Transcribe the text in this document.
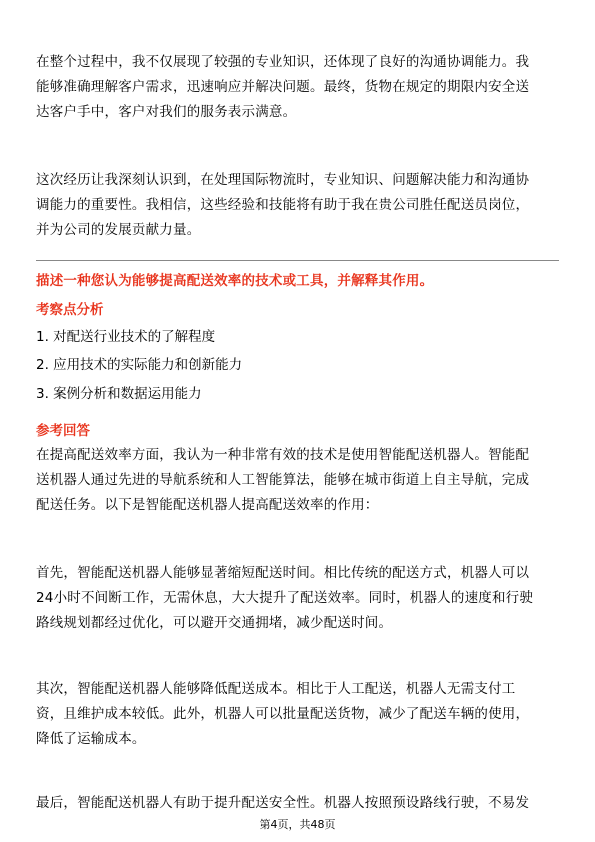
在整个过程中，我不仅展现了较强的专业知识，还体现了良好的沟通协调能力。我
能够准确理解客户需求，迅速响应并解决问题。最终，货物在规定的期限内安全送
达客户手中，客户对我们的服务表示满意。

这次经历让我深刻认识到，在处理国际物流时，专业知识、问题解决能力和沟通协
调能力的重要性。我相信，这些经验和技能将有助于我在贵公司胜任配送员岗位，
并为公司的发展贡献力量。

描述一种您认为能够提高配送效率的技术或工具，并解释其作用。
考察点分析
1. 对配送行业技术的了解程度
2. 应用技术的实际能力和创新能力
3. 案例分析和数据运用能力
参考回答

在提高配送效率方面，我认为一种非常有效的技术是使用智能配送机器人。智能配
送机器人通过先进的导航系统和人工智能算法，能够在城市街道上自主导航，完成
配送任务。以下是智能配送机器人提高配送效率的作用：

首先，智能配送机器人能够显著缩短配送时间。相比传统的配送方式，机器人可以
24小时不间断工作，无需休息，大大提升了配送效率。同时，机器人的速度和行驶
路线规划都经过优化，可以避开交通拥堵，减少配送时间。

其次，智能配送机器人能够降低配送成本。相比于人工配送，机器人无需支付工
资，且维护成本较低。此外，机器人可以批量配送货物，减少了配送车辆的使用，
降低了运输成本。

最后，智能配送机器人有助于提升配送安全性。机器人按照预设路线行驶，不易发

第4页，共48页
